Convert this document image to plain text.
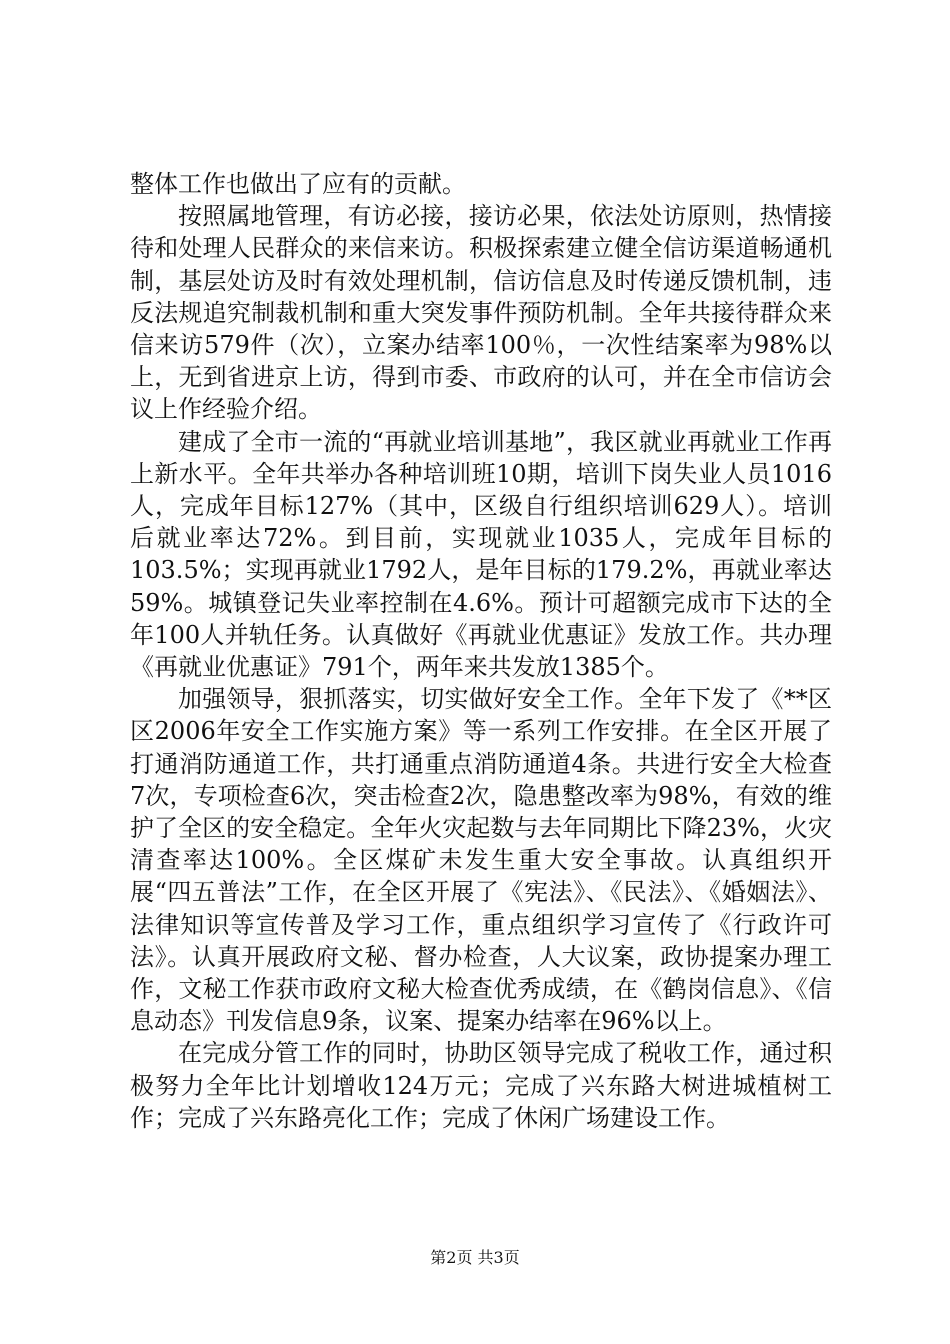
整体工作也做出了应有的贡献。

按照属地管理，有访必接，接访必果，依法处访原则，热情接待和处理人民群众的来信来访。积极探索建立健全信访渠道畅通机制，基层处访及时有效处理机制，信访信息及时传递反馈机制，违反法规追究制裁机制和重大突发事件预防机制。全年共接待群众来信来访579件（次），立案办结率100％，一次性结案率为98%以上，无到省进京上访，得到市委、市政府的认可，并在全市信访会议上作经验介绍。

建成了全市一流的“再就业培训基地”，我区就业再就业工作再上新水平。全年共举办各种培训班10期，培训下岗失业人员1016人，完成年目标127%（其中，区级自行组织培训629人）。培训后就业率达72%。到目前，实现就业1035人，完成年目标的103.5%；实现再就业1792人，是年目标的179.2%，再就业率达59%。城镇登记失业率控制在4.6%。预计可超额完成市下达的全年100人并轨任务。认真做好《再就业优惠证》发放工作。共办理《再就业优惠证》791个，两年来共发放1385个。

加强领导，狠抓落实，切实做好安全工作。全年下发了《**区区2006年安全工作实施方案》等一系列工作安排。在全区开展了打通消防通道工作，共打通重点消防通道4条。共进行安全大检查7次，专项检查6次，突击检查2次，隐患整改率为98%，有效的维护了全区的安全稳定。全年火灾起数与去年同期比下降23%，火灾清查率达100%。全区煤矿未发生重大安全事故。认真组织开展“四五普法”工作，在全区开展了《宪法》、《民法》、《婚姻法》、法律知识等宣传普及学习工作，重点组织学习宣传了《行政许可法》。认真开展政府文秘、督办检查，人大议案，政协提案办理工作，文秘工作获市政府文秘大检查优秀成绩，在《鹤岗信息》、《信息动态》刊发信息9条，议案、提案办结率在96%以上。

在完成分管工作的同时，协助区领导完成了税收工作，通过积极努力全年比计划增收124万元；完成了兴东路大树进城植树工作；完成了兴东路亮化工作；完成了休闲广场建设工作。

第2页 共3页
